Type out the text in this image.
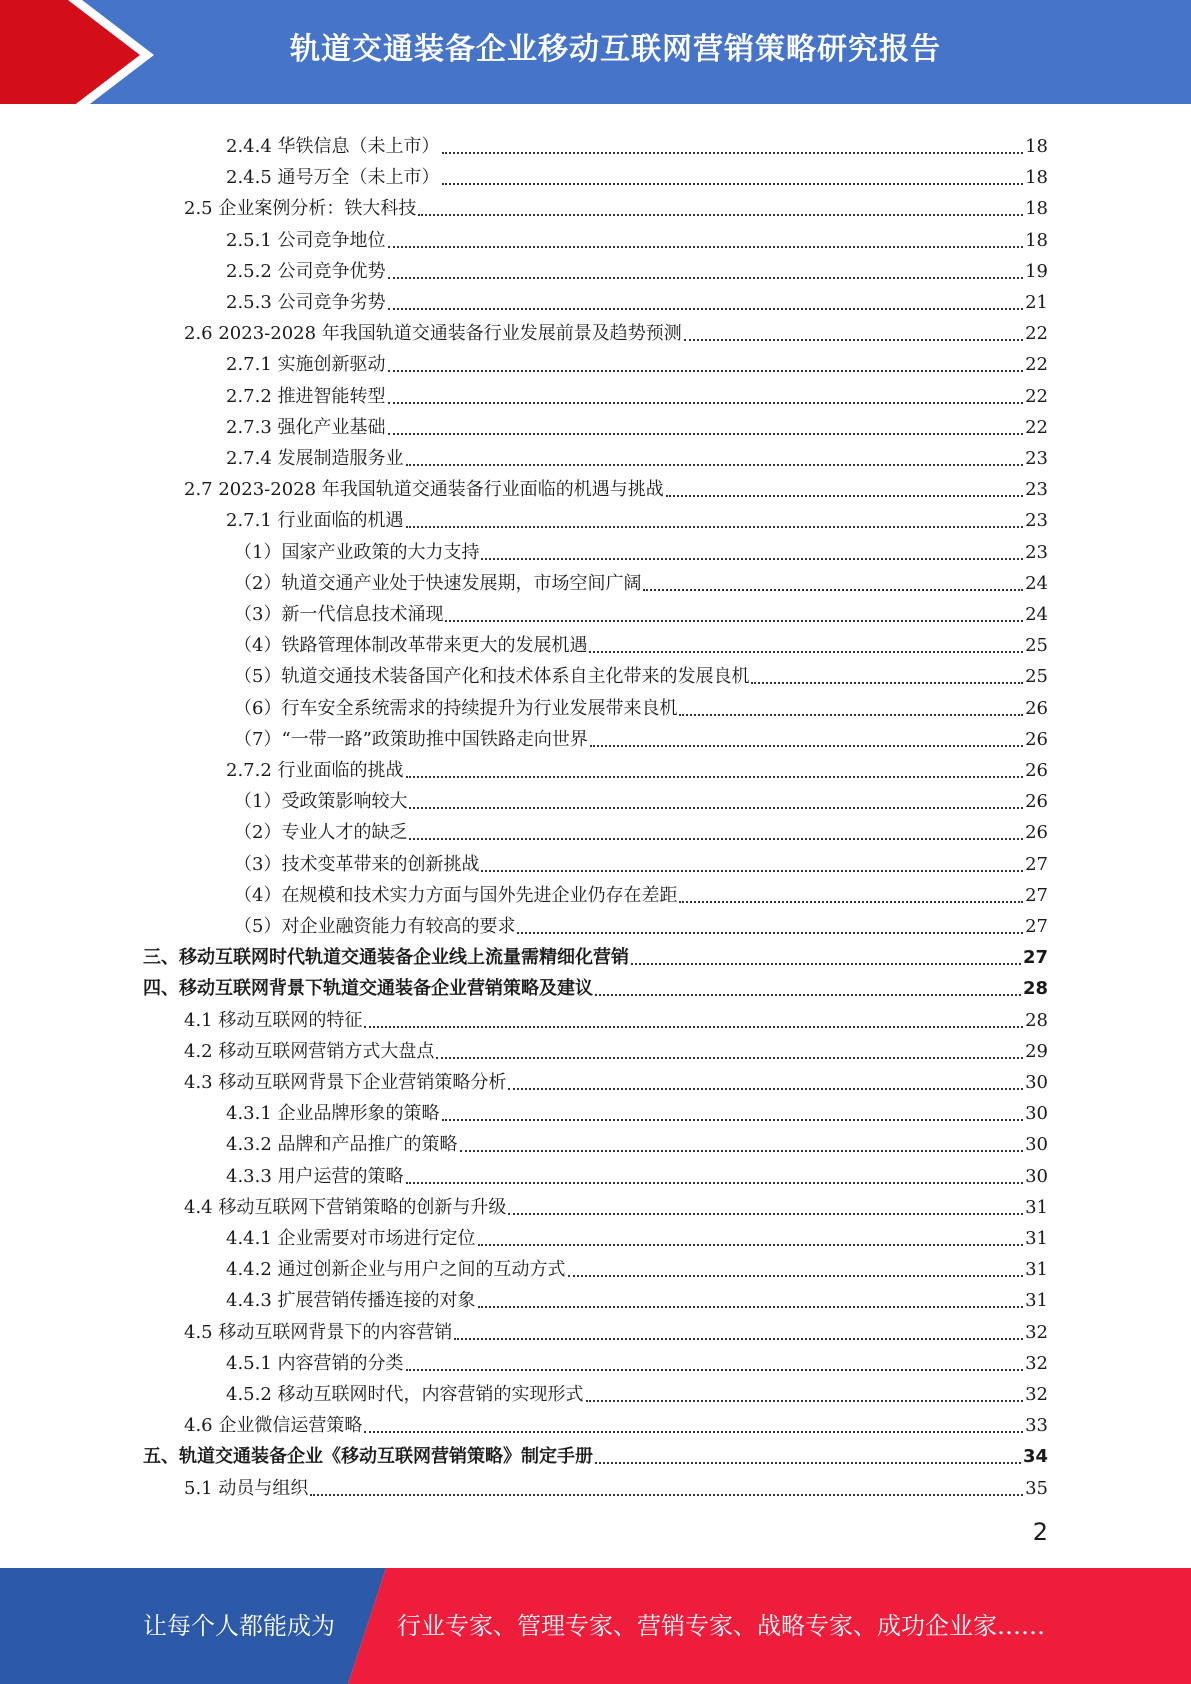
轨道交通装备企业移动互联网营销策略研究报告
2.4.4 华铁信息（未上市）	18
2.4.5 通号万全（未上市）	18
2.5 企业案例分析：铁大科技	18
2.5.1 公司竞争地位	18
2.5.2 公司竞争优势	19
2.5.3 公司竞争劣势	21
2.6 2023-2028 年我国轨道交通装备行业发展前景及趋势预测	22
2.7.1 实施创新驱动	22
2.7.2 推进智能转型	22
2.7.3 强化产业基础	22
2.7.4 发展制造服务业	23
2.7 2023-2028 年我国轨道交通装备行业面临的机遇与挑战	23
2.7.1 行业面临的机遇	23
（1）国家产业政策的大力支持	23
（2）轨道交通产业处于快速发展期，市场空间广阔	24
（3）新一代信息技术涌现	24
（4）铁路管理体制改革带来更大的发展机遇	25
（5）轨道交通技术装备国产化和技术体系自主化带来的发展良机	25
（6）行车安全系统需求的持续提升为行业发展带来良机	26
（7）“一带一路”政策助推中国铁路走向世界	26
2.7.2 行业面临的挑战	26
（1）受政策影响较大	26
（2）专业人才的缺乏	26
（3）技术变革带来的创新挑战	27
（4）在规模和技术实力方面与国外先进企业仍存在差距	27
（5）对企业融资能力有较高的要求	27
三、移动互联网时代轨道交通装备企业线上流量需精细化营销	27
四、移动互联网背景下轨道交通装备企业营销策略及建议	28
4.1 移动互联网的特征	28
4.2 移动互联网营销方式大盘点	29
4.3 移动互联网背景下企业营销策略分析	30
4.3.1 企业品牌形象的策略	30
4.3.2 品牌和产品推广的策略	30
4.3.3 用户运营的策略	30
4.4 移动互联网下营销策略的创新与升级	31
4.4.1 企业需要对市场进行定位	31
4.4.2 通过创新企业与用户之间的互动方式	31
4.4.3 扩展营销传播连接的对象	31
4.5 移动互联网背景下的内容营销	32
4.5.1 内容营销的分类	32
4.5.2 移动互联网时代，内容营销的实现形式	32
4.6 企业微信运营策略	33
五、轨道交通装备企业《移动互联网营销策略》制定手册	34
5.1 动员与组织	35
2
让每个人都能成为	行业专家、管理专家、营销专家、战略专家、成功企业家……
